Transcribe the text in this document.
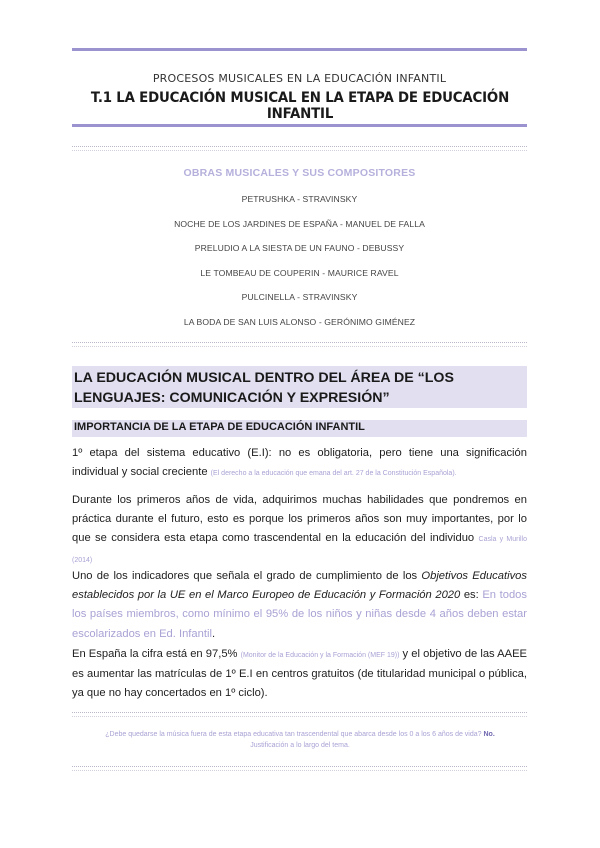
PROCESOS MUSICALES EN LA EDUCACIÓN INFANTIL
T.1 LA EDUCACIÓN MUSICAL EN LA ETAPA DE EDUCACIÓN INFANTIL
OBRAS MUSICALES Y SUS COMPOSITORES
PETRUSHKA - STRAVINSKY
NOCHE DE LOS JARDINES DE ESPAÑA - MANUEL DE FALLA
PRELUDIO A LA SIESTA DE UN FAUNO - DEBUSSY
LE TOMBEAU DE COUPERIN - MAURICE RAVEL
PULCINELLA - STRAVINSKY
LA BODA DE SAN LUIS ALONSO - GERÓNIMO GIMÉNEZ
LA EDUCACIÓN MUSICAL DENTRO DEL ÁREA DE “LOS LENGUAJES: COMUNICACIÓN Y EXPRESIÓN”
IMPORTANCIA DE LA ETAPA DE EDUCACIÓN INFANTIL

1º etapa del sistema educativo (E.I): no es obligatoria, pero tiene una significación individual y social creciente (El derecho a la educación que emana del art. 27 de la Constitución Española).

Durante los primeros años de vida, adquirimos muchas habilidades que pondremos en práctica durante el futuro, esto es porque los primeros años son muy importantes, por lo que se considera esta etapa como trascendental en la educación del individuo Casla y Murillo (2014)

Uno de los indicadores que señala el grado de cumplimiento de los Objetivos Educativos establecidos por la UE en el Marco Europeo de Educación y Formación 2020 es: En todos los países miembros, como mínimo el 95% de los niños y niñas desde 4 años deben estar escolarizados en Ed. Infantil.

En España la cifra está en 97,5% (Monitor de la Educación y la Formación (MEF 19)) y el objetivo de las AAEE es aumentar las matrículas de 1º E.I en centros gratuitos (de titularidad municipal o pública, ya que no hay concertados en 1º ciclo).

¿Debe quedarse la música fuera de esta etapa educativa tan trascendental que abarca desde los 0 a los 6 años de vida? No. Justificación a lo largo del tema.
